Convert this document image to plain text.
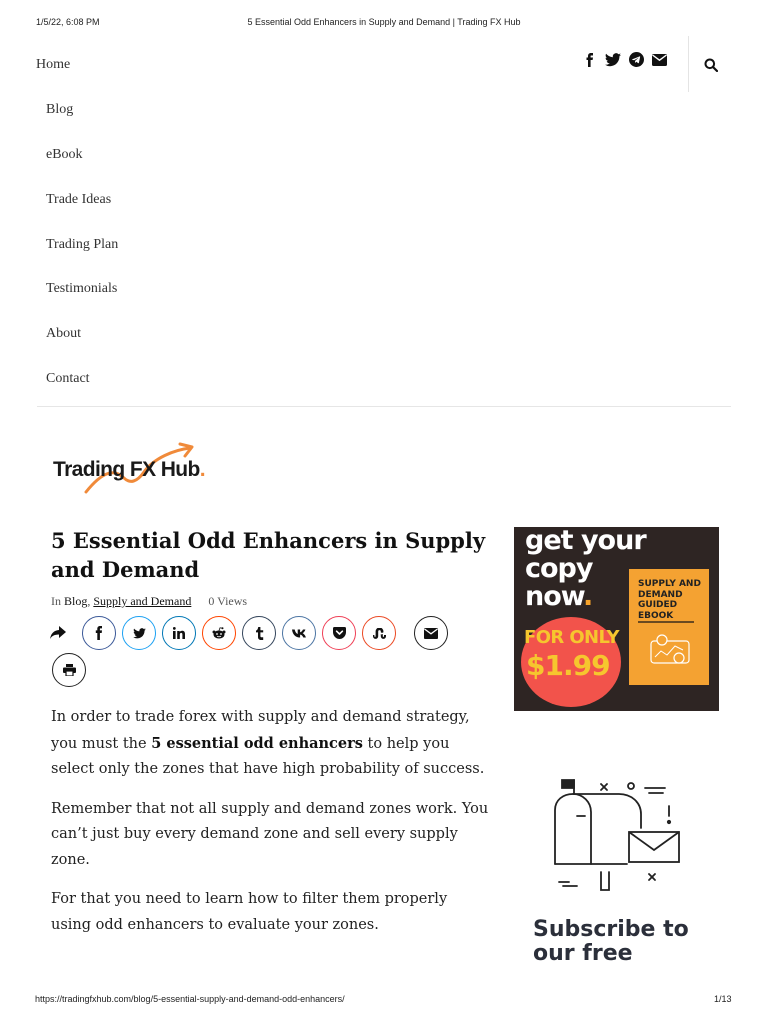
1/5/22, 6:08 PM	5 Essential Odd Enhancers in Supply and Demand | Trading FX Hub
https://tradingfxhub.com/blog/5-essential-supply-and-demand-odd-enhancers/	1/13
Home
Blog
eBook
Trade Ideas
Trading Plan
Testimonials
About
Contact
Trading FX Hub.
5 Essential Odd Enhancers in Supply and Demand
In Blog, Supply and Demand 0 Views

In order to trade forex with supply and demand strategy, you must the 5 essential odd enhancers to help you select only the zones that have high probability of success.

Remember that not all supply and demand zones work. You can’t just buy every demand zone and sell every supply zone.

For that you need to learn how to filter them properly using odd enhancers to evaluate your zones.

get your
copy
now.
FOR ONLY
$1.99
SUPPLY AND DEMAND GUIDED EBOOK
Subscribe to our free
